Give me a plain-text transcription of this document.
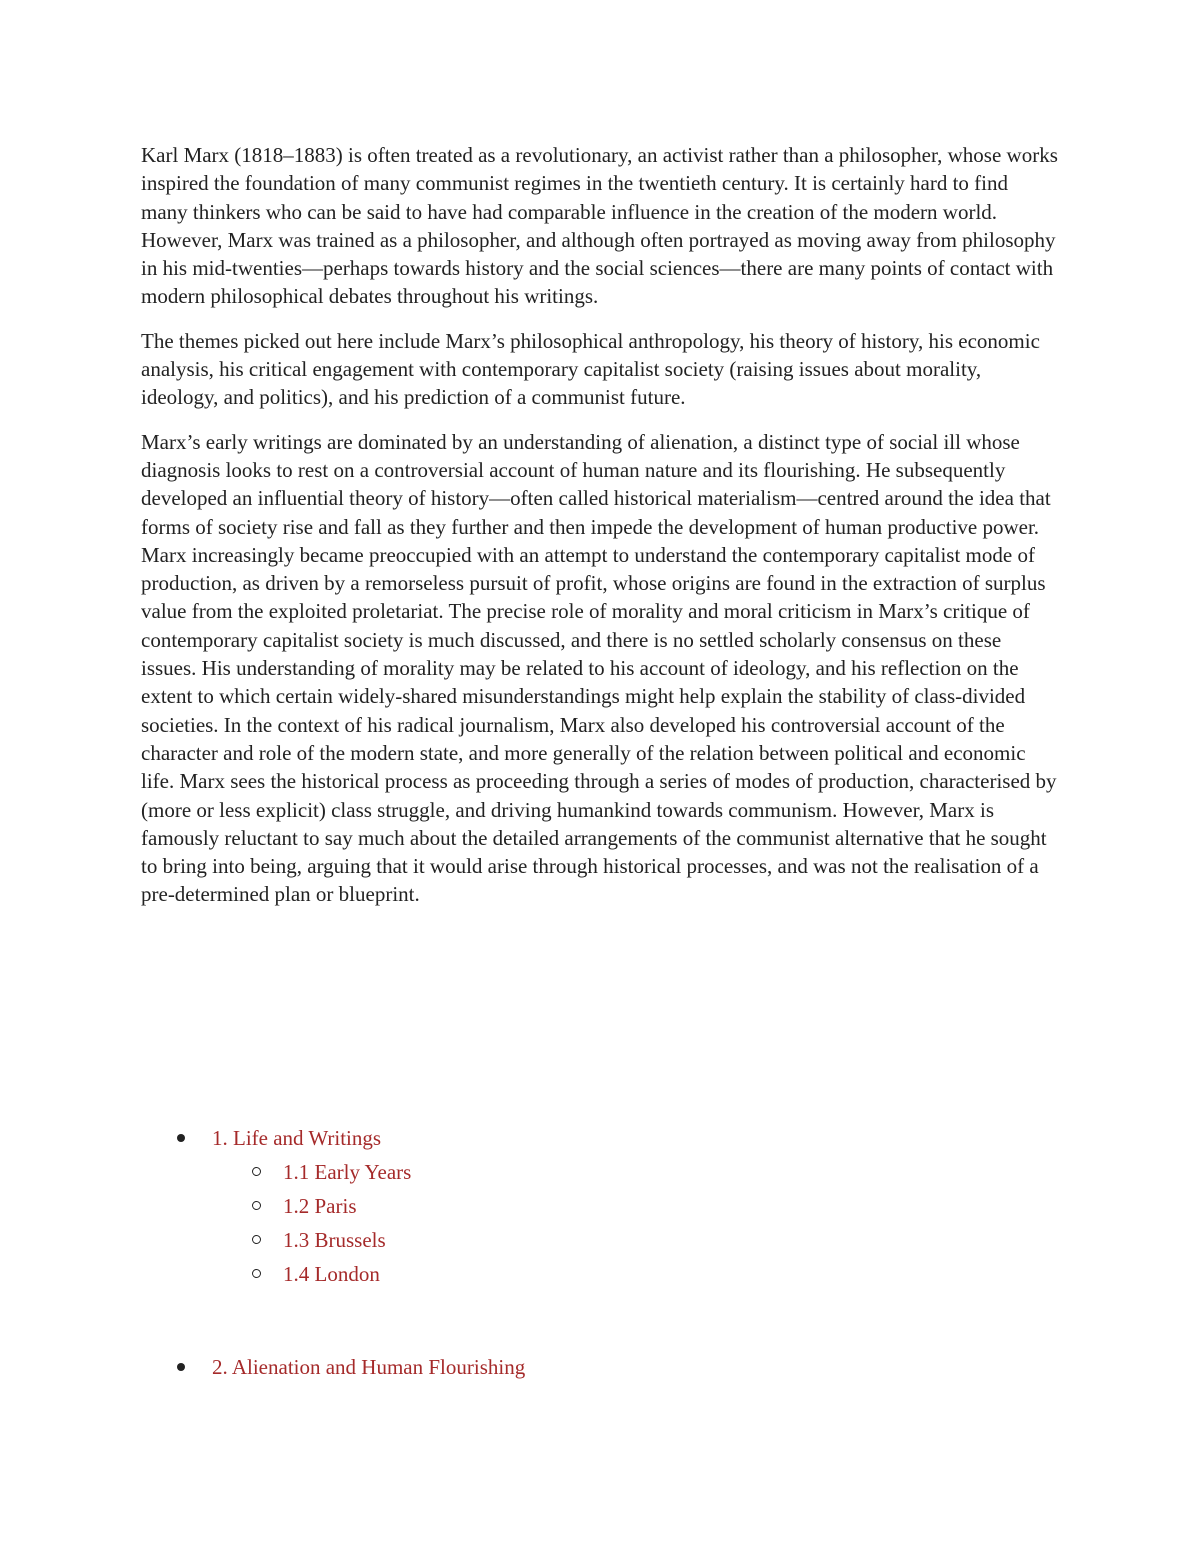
Karl Marx (1818–1883) is often treated as a revolutionary, an activist rather than a philosopher, whose works inspired the foundation of many communist regimes in the twentieth century. It is certainly hard to find many thinkers who can be said to have had comparable influence in the creation of the modern world. However, Marx was trained as a philosopher, and although often portrayed as moving away from philosophy in his mid-twenties—perhaps towards history and the social sciences—there are many points of contact with modern philosophical debates throughout his writings.

The themes picked out here include Marx’s philosophical anthropology, his theory of history, his economic analysis, his critical engagement with contemporary capitalist society (raising issues about morality, ideology, and politics), and his prediction of a communist future.

Marx’s early writings are dominated by an understanding of alienation, a distinct type of social ill whose diagnosis looks to rest on a controversial account of human nature and its flourishing. He subsequently developed an influential theory of history—often called historical materialism—centred around the idea that forms of society rise and fall as they further and then impede the development of human productive power. Marx increasingly became preoccupied with an attempt to understand the contemporary capitalist mode of production, as driven by a remorseless pursuit of profit, whose origins are found in the extraction of surplus value from the exploited proletariat. The precise role of morality and moral criticism in Marx’s critique of contemporary capitalist society is much discussed, and there is no settled scholarly consensus on these issues. His understanding of morality may be related to his account of ideology, and his reflection on the extent to which certain widely-shared misunderstandings might help explain the stability of class-divided societies. In the context of his radical journalism, Marx also developed his controversial account of the character and role of the modern state, and more generally of the relation between political and economic life. Marx sees the historical process as proceeding through a series of modes of production, characterised by (more or less explicit) class struggle, and driving humankind towards communism. However, Marx is famously reluctant to say much about the detailed arrangements of the communist alternative that he sought to bring into being, arguing that it would arise through historical processes, and was not the realisation of a pre-determined plan or blueprint.

1. Life and Writings
1.1 Early Years
1.2 Paris
1.3 Brussels
1.4 London
2. Alienation and Human Flourishing
